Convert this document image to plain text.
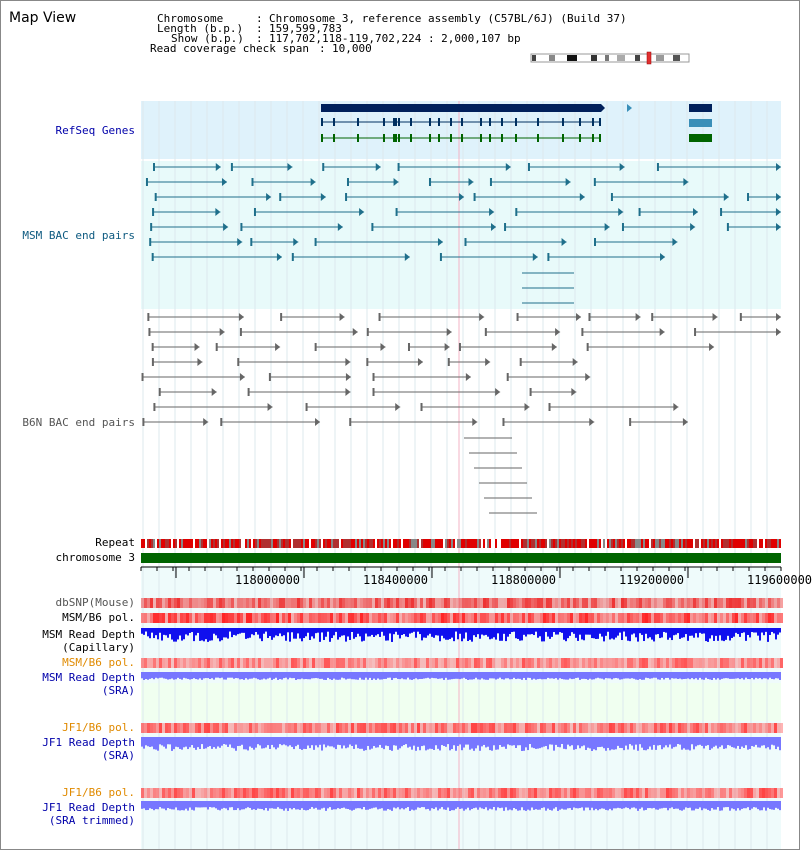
Map View	Chromosome	: Chromosome 3, reference assembly (C57BL/6J) (Build 37)
Length (b.p.) : 159,599,783
Show (b.p.) : 117,702,118-119,702,224 : 2,000,107 bp
Read coverage check span : 10,000
RefSeq Genes
MSM BAC end pairs
B6N BAC end pairs
Repeat
chromosome 3
dbSNP(Mouse)
MSM/B6 pol.
MSM Read Depth
(Capillary)
MSM/B6 pol.
MSM Read Depth
(SRA)
JF1/B6 pol.
JF1 Read Depth
(SRA)
JF1/B6 pol.
JF1 Read Depth
(SRA trimmed)
118000000	118400000	118800000	119200000	119600000
